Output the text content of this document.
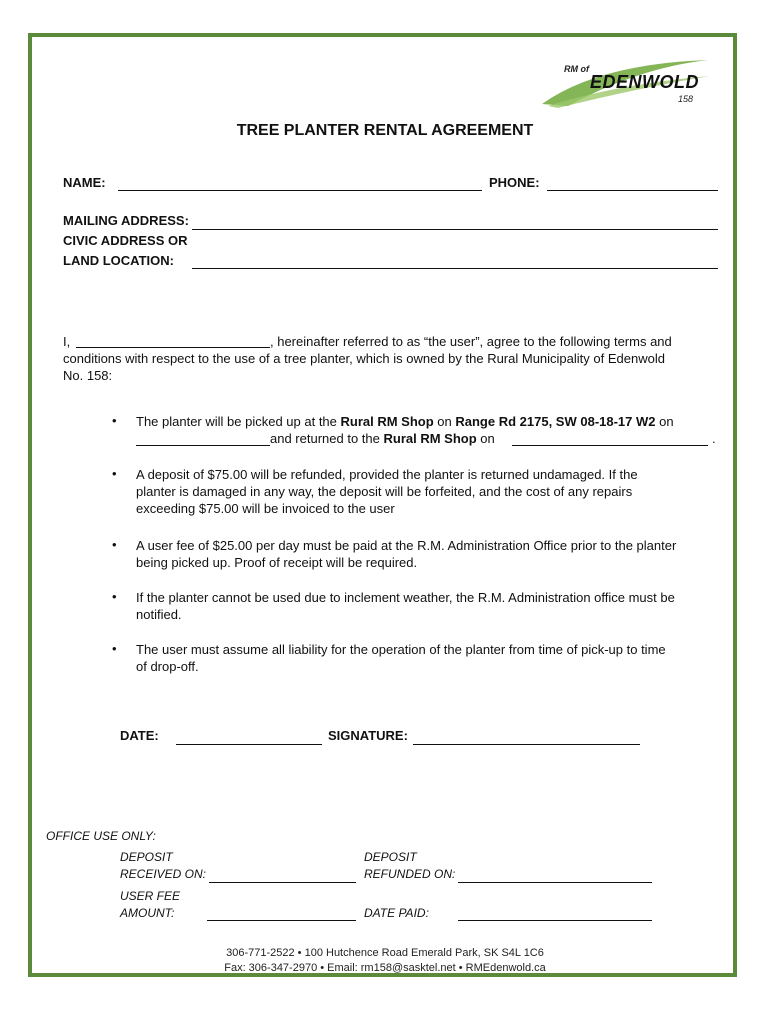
RM of
EDENWOLD
158
TREE PLANTER RENTAL AGREEMENT
NAME:	PHONE:
MAILING ADDRESS:
CIVIC ADDRESS OR
LAND LOCATION:
I,	, hereinafter referred to as “the user”, agree to the following terms and
conditions with respect to the use of a tree planter, which is owned by the Rural Municipality of Edenwold
No. 158:
• The planter will be picked up at the Rural RM Shop on Range Rd 2175, SW 08-18-17 W2 on
and returned to the Rural RM Shop on	.
• A deposit of $75.00 will be refunded, provided the planter is returned undamaged. If the
planter is damaged in any way, the deposit will be forfeited, and the cost of any repairs
exceeding $75.00 will be invoiced to the user
• A user fee of $25.00 per day must be paid at the R.M. Administration Office prior to the planter
being picked up. Proof of receipt will be required.
• If the planter cannot be used due to inclement weather, the R.M. Administration office must be
notified.
• The user must assume all liability for the operation of the planter from time of pick-up to time
of drop-off.
DATE:	SIGNATURE:
OFFICE USE ONLY:
DEPOSIT
RECEIVED ON:
DEPOSIT
REFUNDED ON:
USER FEE
AMOUNT:	DATE PAID:
306-771-2522 • 100 Hutchence Road Emerald Park, SK S4L 1C6
Fax: 306-347-2970 • Email: rm158@sasktel.net • RMEdenwold.ca
